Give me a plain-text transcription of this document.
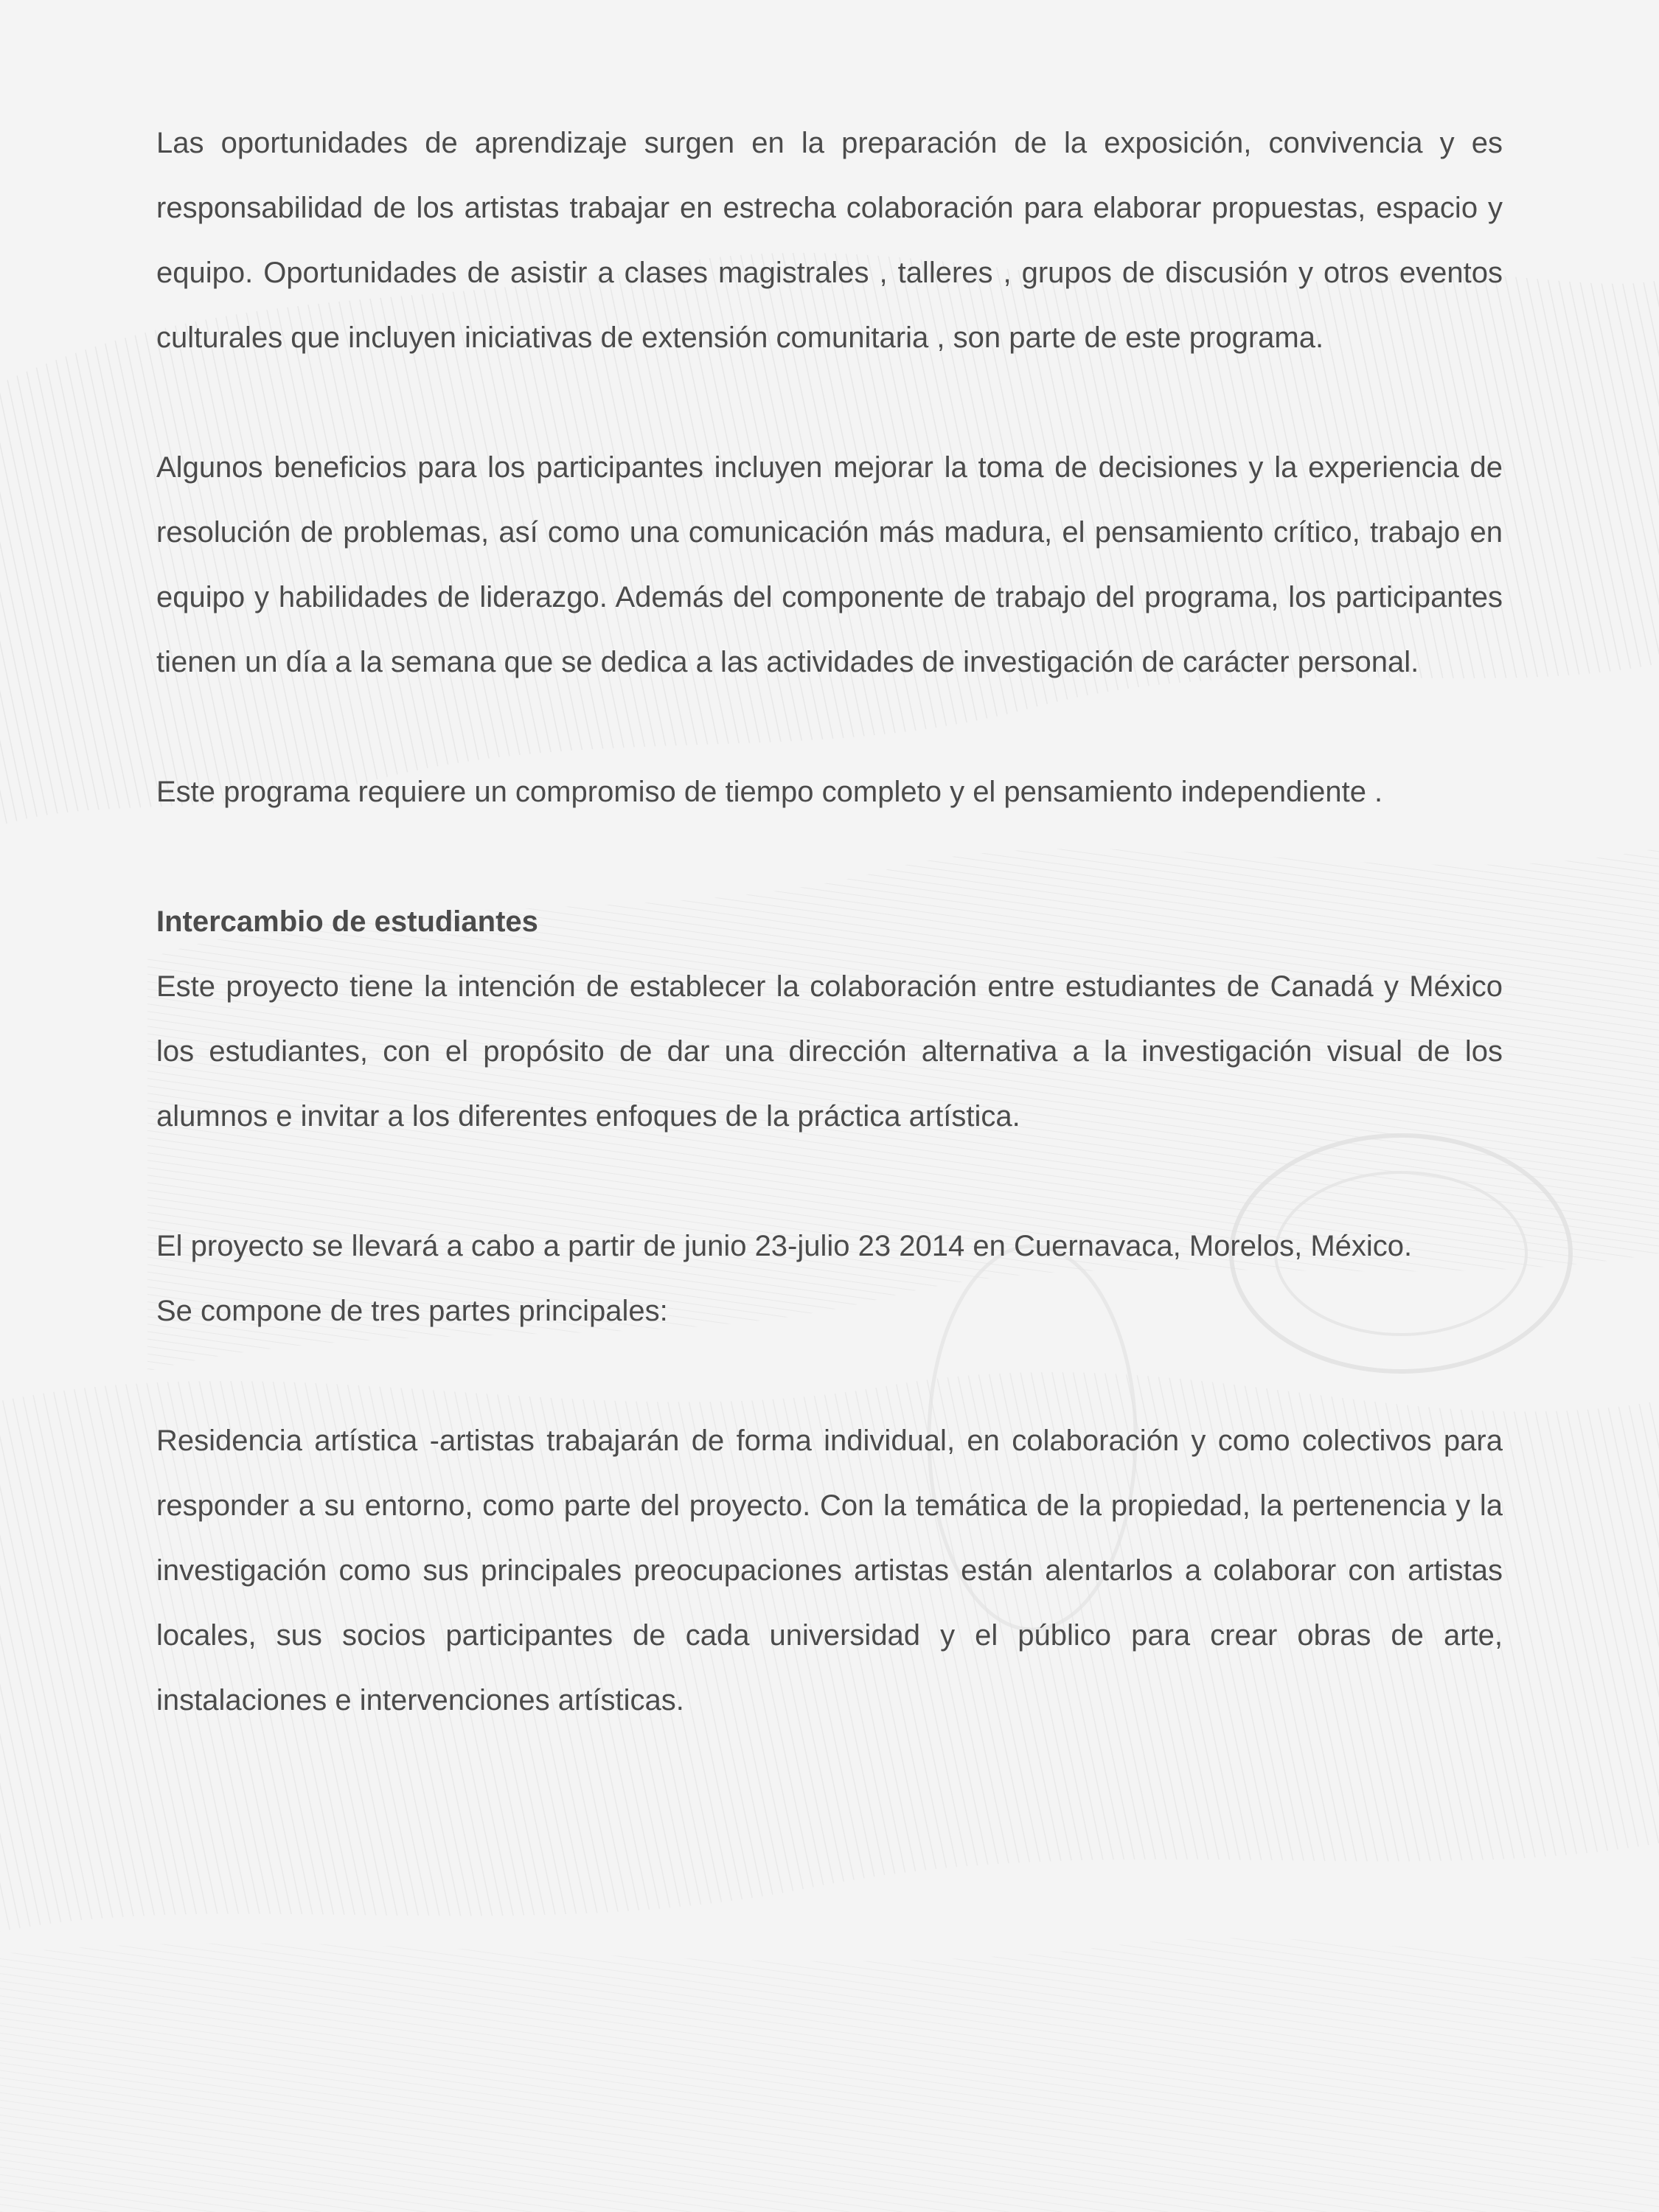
Las oportunidades de aprendizaje surgen en la preparación de la exposición, convivencia y es responsabilidad de los artistas trabajar en estrecha colaboración para elaborar propuestas, espacio y equipo. Oportunidades de asistir a clases magistrales , talleres , grupos de discusión y otros eventos culturales que incluyen iniciativas de extensión comunitaria , son parte de este programa.

Algunos beneficios para los participantes incluyen mejorar la toma de decisiones y la experiencia de resolución de problemas, así como una comunicación más madura, el pensamiento crítico, trabajo en equipo y habilidades de liderazgo. Además del componente de trabajo del programa, los participantes tienen un día a la semana que se dedica a las actividades de investigación de carácter personal.

Este programa requiere un compromiso de tiempo completo y el pensamiento independiente .

Intercambio de estudiantes

Este proyecto tiene la intención de establecer la colaboración entre estudiantes de Canadá y México los estudiantes, con el propósito de dar una dirección alternativa a la investigación visual de los alumnos e invitar a los diferentes enfoques de la práctica artística.

El proyecto se llevará a cabo a partir de junio 23-julio 23 2014 en Cuernavaca, Morelos, México.

Se compone de tres partes principales:

Residencia artística -artistas trabajarán de forma individual, en colaboración y como colectivos para responder a su entorno, como parte del proyecto. Con la temática de la propiedad, la pertenencia y la investigación como sus principales preocupaciones artistas están alentarlos a colaborar con artistas locales, sus socios participantes de cada universidad y el público para crear obras de arte, instalaciones e intervenciones artísticas.
